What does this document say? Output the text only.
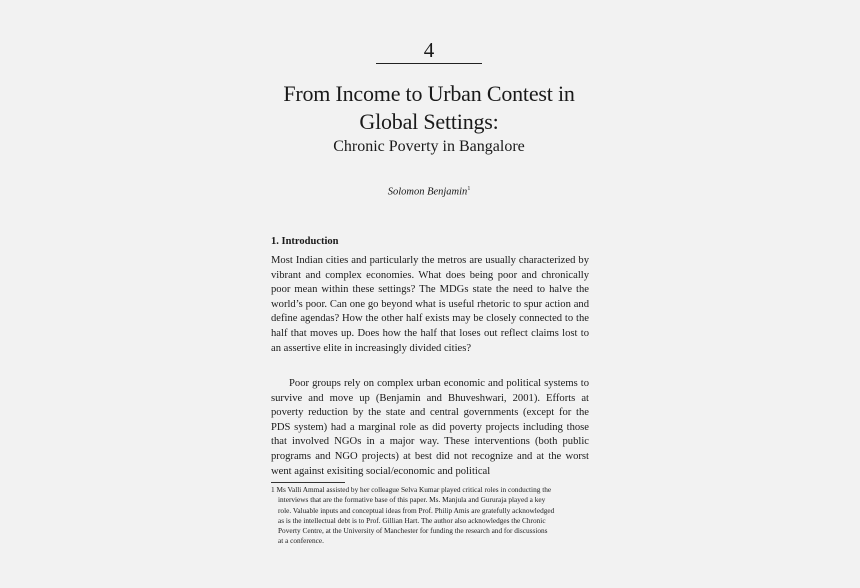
4
From Income to Urban Contest in
Global Settings:
Chronic Poverty in Bangalore
Solomon Benjamin$^1$
1. Introduction

Most Indian cities and particularly the metros are usually characterized by vibrant and complex economies. What does being poor and chronically poor mean within these settings? The MDGs state the need to halve the world’s poor. Can one go beyond what is useful rhetoric to spur action and define agendas? How the other half exists may be closely connected to the half that moves up. Does how the half that loses out reflect claims lost to an assertive elite in increasingly divided cities?

Poor groups rely on complex urban economic and political systems to survive and move up (Benjamin and Bhuveshwari, 2001). Efforts at poverty reduction by the state and central governments (except for the PDS system) had a marginal role as did poverty projects including those that involved NGOs in a major way. These interventions (both public programs and NGO projects) at best did not recognize and at the worst went against exisiting social/economic and political

1 Ms Valli Ammal assisted by her colleague Selva Kumar played critical roles in conducting the
interviews that are the formative base of this paper. Ms. Manjula and Gururaja played a key
role. Valuable inputs and conceptual ideas from Prof. Philip Amis are gratefully acknowledged
as is the intellectual debt is to Prof. Gillian Hart. The author also acknowledges the Chronic
Poverty Centre, at the University of Manchester for funding the research and for discussions
at a conference.
